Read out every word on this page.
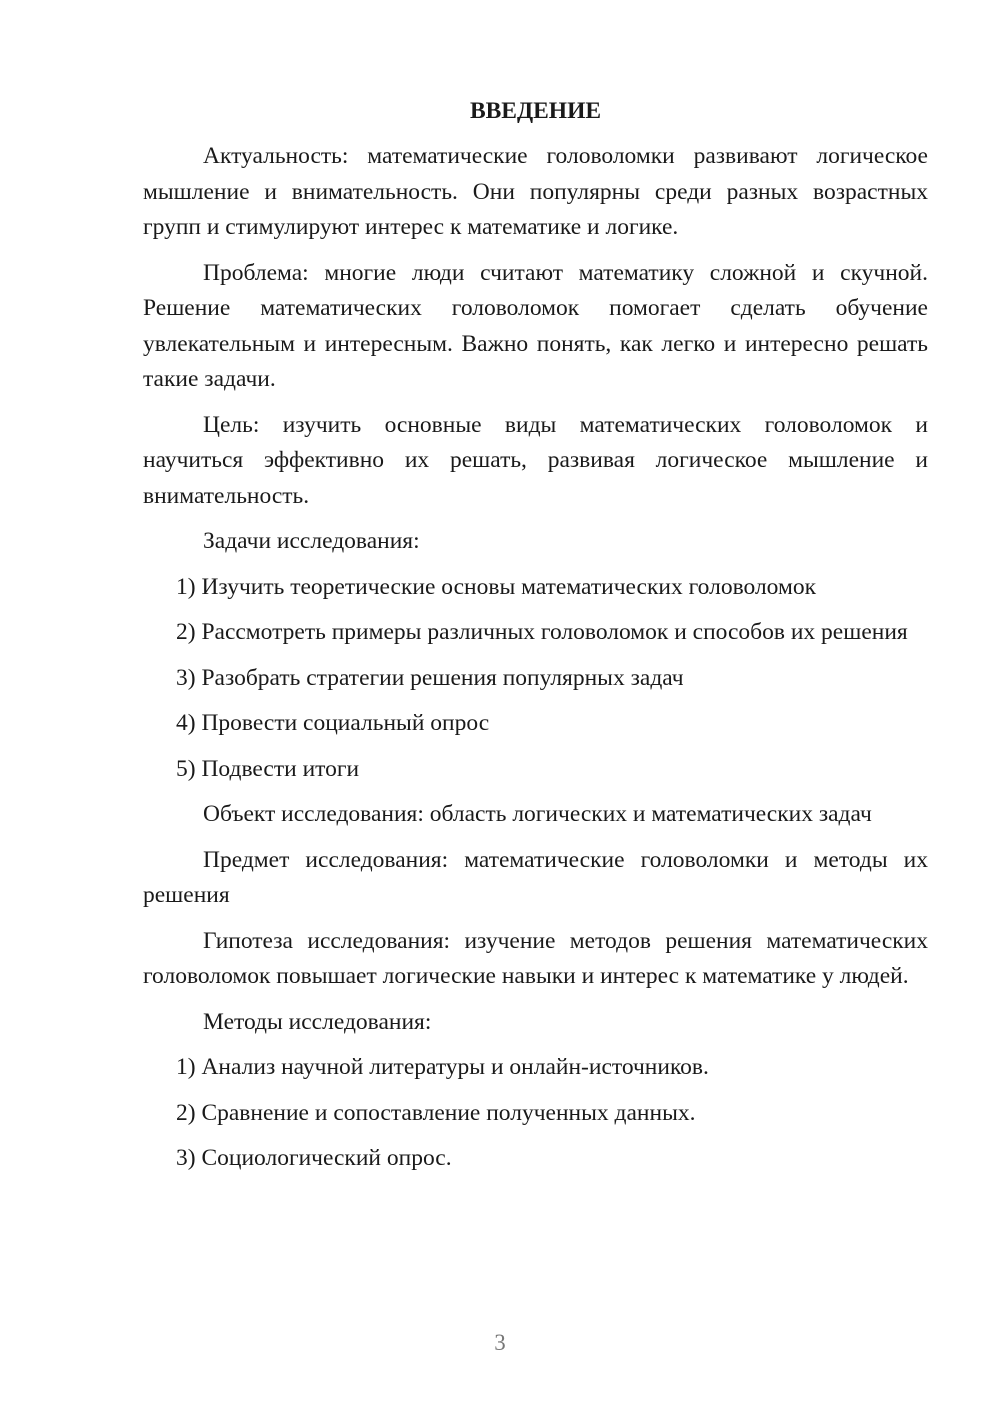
ВВЕДЕНИЕ

Актуальность: математические головоломки развивают логическое мышление и внимательность. Они популярны среди разных возрастных групп и стимулируют интерес к математике и логике.

Проблема: многие люди считают математику сложной и скучной. Решение математических головоломок помогает сделать обучение увлекательным и интересным. Важно понять, как легко и интересно решать такие задачи.

Цель: изучить основные виды математических головоломок и научиться эффективно их решать, развивая логическое мышление и внимательность.

Задачи исследования:

1) Изучить теоретические основы математических головоломок

2) Рассмотреть примеры различных головоломок и способов их решения

3) Разобрать стратегии решения популярных задач

4) Провести социальный опрос

5) Подвести итоги

Объект исследования: область логических и математических задач

Предмет исследования: математические головоломки и методы их решения

Гипотеза исследования: изучение методов решения математических головоломок повышает логические навыки и интерес к математике у людей.

Методы исследования:

1) Анализ научной литературы и онлайн-источников.

2) Сравнение и сопоставление полученных данных.

3) Социологический опрос.

3
